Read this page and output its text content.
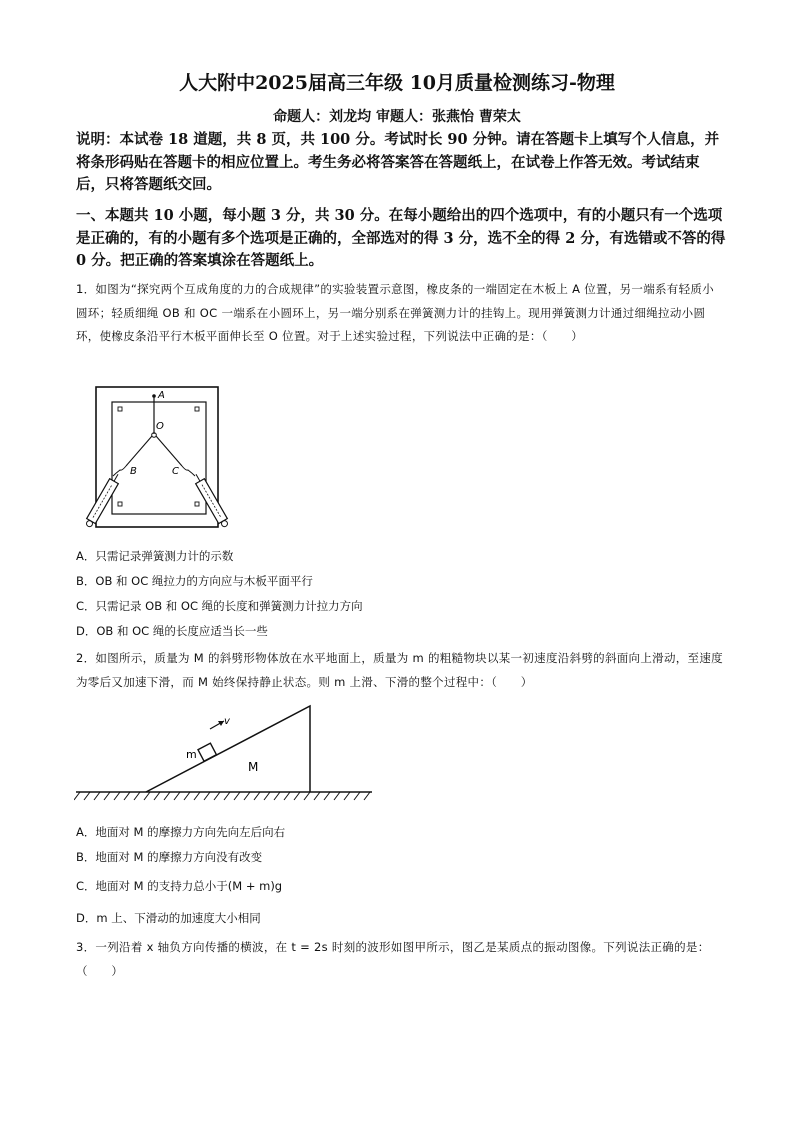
人大附中2025届高三年级 10月质量检测练习-物理
命题人：刘龙均 审题人：张燕怡 曹荣太
说明：本试卷 18 道题，共 8 页，共 100 分。考试时长 90 分钟。请在答题卡上填写个人信息，并将条形码贴在答题卡的相应位置上。考生务必将答案答在答题纸上，在试卷上作答无效。考试结束后，只将答题纸交回。
一、本题共 10 小题，每小题 3 分，共 30 分。在每小题给出的四个选项中，有的小题只有一个选项是正确的，有的小题有多个选项是正确的，全部选对的得 3 分，选不全的得 2 分，有选错或不答的得 0 分。把正确的答案填涂在答题纸上。
1．如图为“探究两个互成角度的力的合成规律”的实验装置示意图，橡皮条的一端固定在木板上 A 位置，另一端系有轻质小圆环；轻质细绳 OB 和 OC 一端系在小圆环上，另一端分别系在弹簧测力计的挂钩上。现用弹簧测力计通过细绳拉动小圆环，使橡皮条沿平行木板平面伸长至 O 位置。对于上述实验过程，下列说法中正确的是：（　　）
A
O
B	C
A．只需记录弹簧测力计的示数
B．OB 和 OC 绳拉力的方向应与木板平面平行
C．只需记录 OB 和 OC 绳的长度和弹簧测力计拉力方向
D．OB 和 OC 绳的长度应适当长一些
2．如图所示，质量为 M 的斜劈形物体放在水平地面上，质量为 m 的粗糙物块以某一初速度沿斜劈的斜面向上滑动，至速度为零后又加速下滑，而 M 始终保持静止状态。则 m 上滑、下滑的整个过程中：（　　）
v
m
M
A．地面对 M 的摩擦力方向先向左后向右
B．地面对 M 的摩擦力方向没有改变
C．地面对 M 的支持力总小于(M + m)g
D．m 上、下滑动的加速度大小相同
3．一列沿着 x 轴负方向传播的横波，在 t = 2s 时刻的波形如图甲所示，图乙是某质点的振动图像。下列说法正确的是：（　　）
